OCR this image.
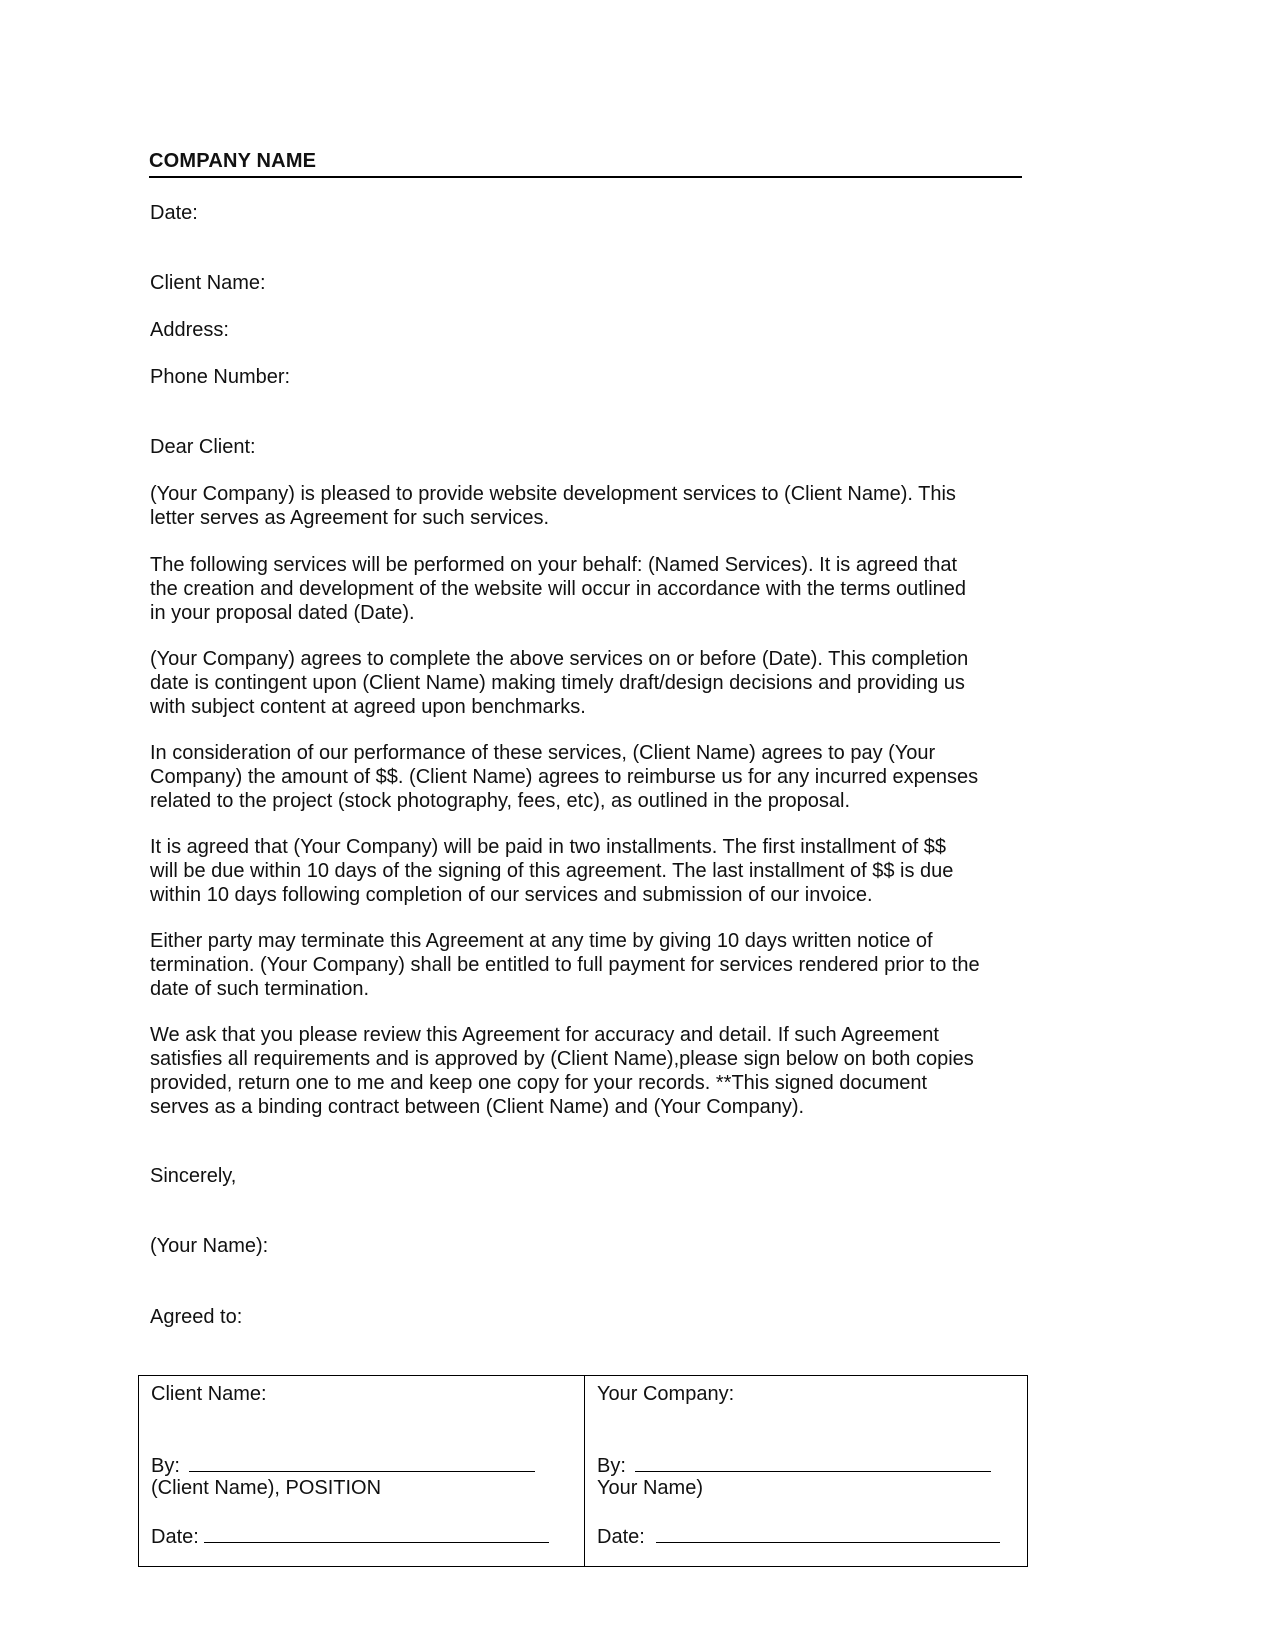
COMPANY NAME
Date:
Client Name:
Address:
Phone Number:
Dear Client:
(Your Company) is pleased to provide website development services to (Client Name). This
letter serves as Agreement for such services.
The following services will be performed on your behalf: (Named Services). It is agreed that
the creation and development of the website will occur in accordance with the terms outlined
in your proposal dated (Date).
(Your Company) agrees to complete the above services on or before (Date). This completion
date is contingent upon (Client Name) making timely draft/design decisions and providing us
with subject content at agreed upon benchmarks.
In consideration of our performance of these services, (Client Name) agrees to pay (Your
Company) the amount of $$. (Client Name) agrees to reimburse us for any incurred expenses
related to the project (stock photography, fees, etc), as outlined in the proposal.
It is agreed that (Your Company) will be paid in two installments. The first installment of $$
will be due within 10 days of the signing of this agreement. The last installment of $$ is due
within 10 days following completion of our services and submission of our invoice.
Either party may terminate this Agreement at any time by giving 10 days written notice of
termination. (Your Company) shall be entitled to full payment for services rendered prior to the
date of such termination.
We ask that you please review this Agreement for accuracy and detail. If such Agreement
satisfies all requirements and is approved by (Client Name),please sign below on both copies
provided, return one to me and keep one copy for your records. **This signed document
serves as a binding contract between (Client Name) and (Your Company).
Sincerely,
(Your Name):
Agreed to:
Client Name:
By:
(Client Name), POSITION
Date:
Your Company:
By:
Your Name)
Date:
